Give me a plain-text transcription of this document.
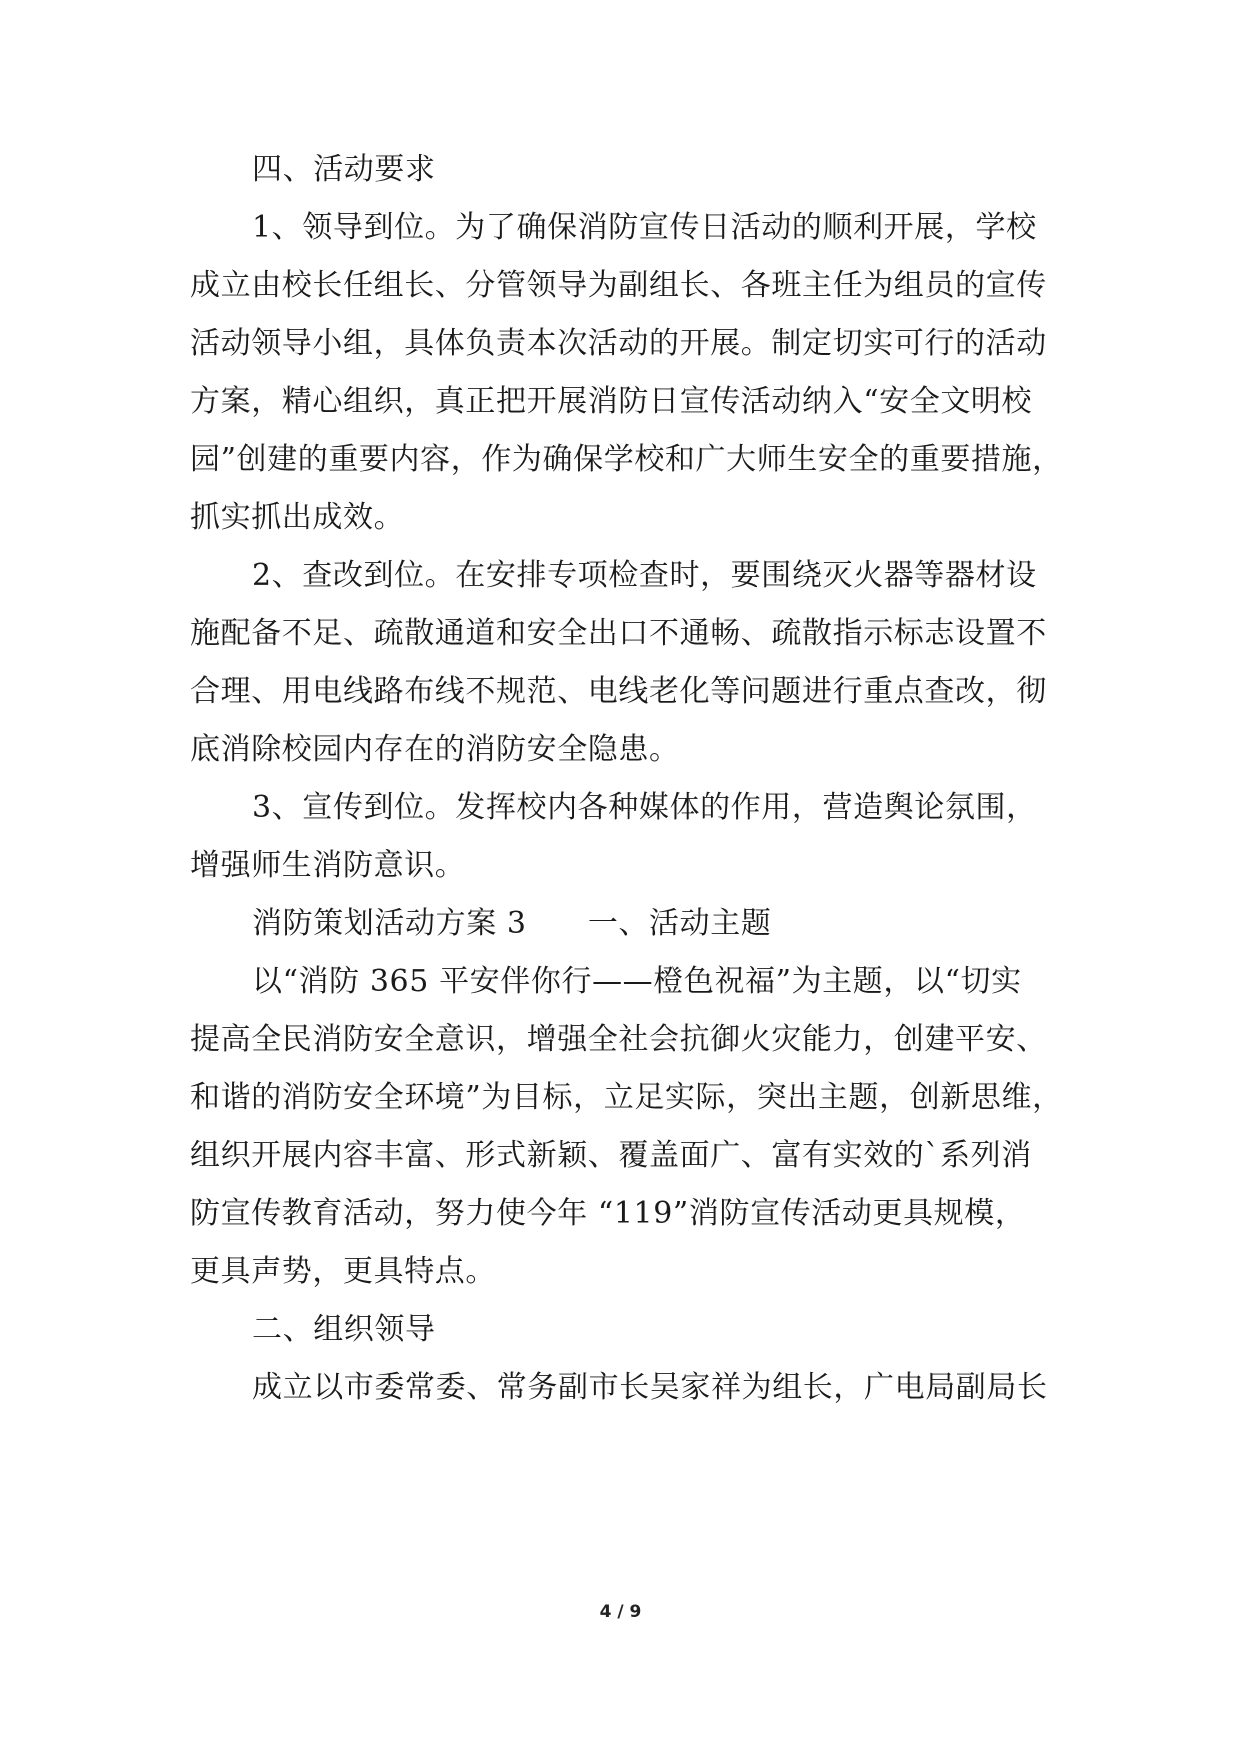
四、活动要求
1、领导到位。为了确保消防宣传日活动的顺利开展，学校
成立由校长任组长、分管领导为副组长、各班主任为组员的宣传
活动领导小组，具体负责本次活动的开展。制定切实可行的活动
方案，精心组织，真正把开展消防日宣传活动纳入“安全文明校
园”创建的重要内容，作为确保学校和广大师生安全的重要措施，
抓实抓出成效。
2、查改到位。在安排专项检查时，要围绕灭火器等器材设
施配备不足、疏散通道和安全出口不通畅、疏散指示标志设置不
合理、用电线路布线不规范、电线老化等问题进行重点查改，彻
底消除校园内存在的消防安全隐患。
3、宣传到位。发挥校内各种媒体的作用，营造舆论氛围，
增强师生消防意识。
消防策划活动方案 3　　一、活动主题
以“消防 365 平安伴你行——橙色祝福”为主题，以“切实
提高全民消防安全意识，增强全社会抗御火灾能力，创建平安、
和谐的消防安全环境”为目标，立足实际，突出主题，创新思维，
组织开展内容丰富、形式新颖、覆盖面广、富有实效的`系列消
防宣传教育活动，努力使今年 “119”消防宣传活动更具规模，
更具声势，更具特点。
二、组织领导
成立以市委常委、常务副市长吴家祥为组长，广电局副局长
4 / 9
